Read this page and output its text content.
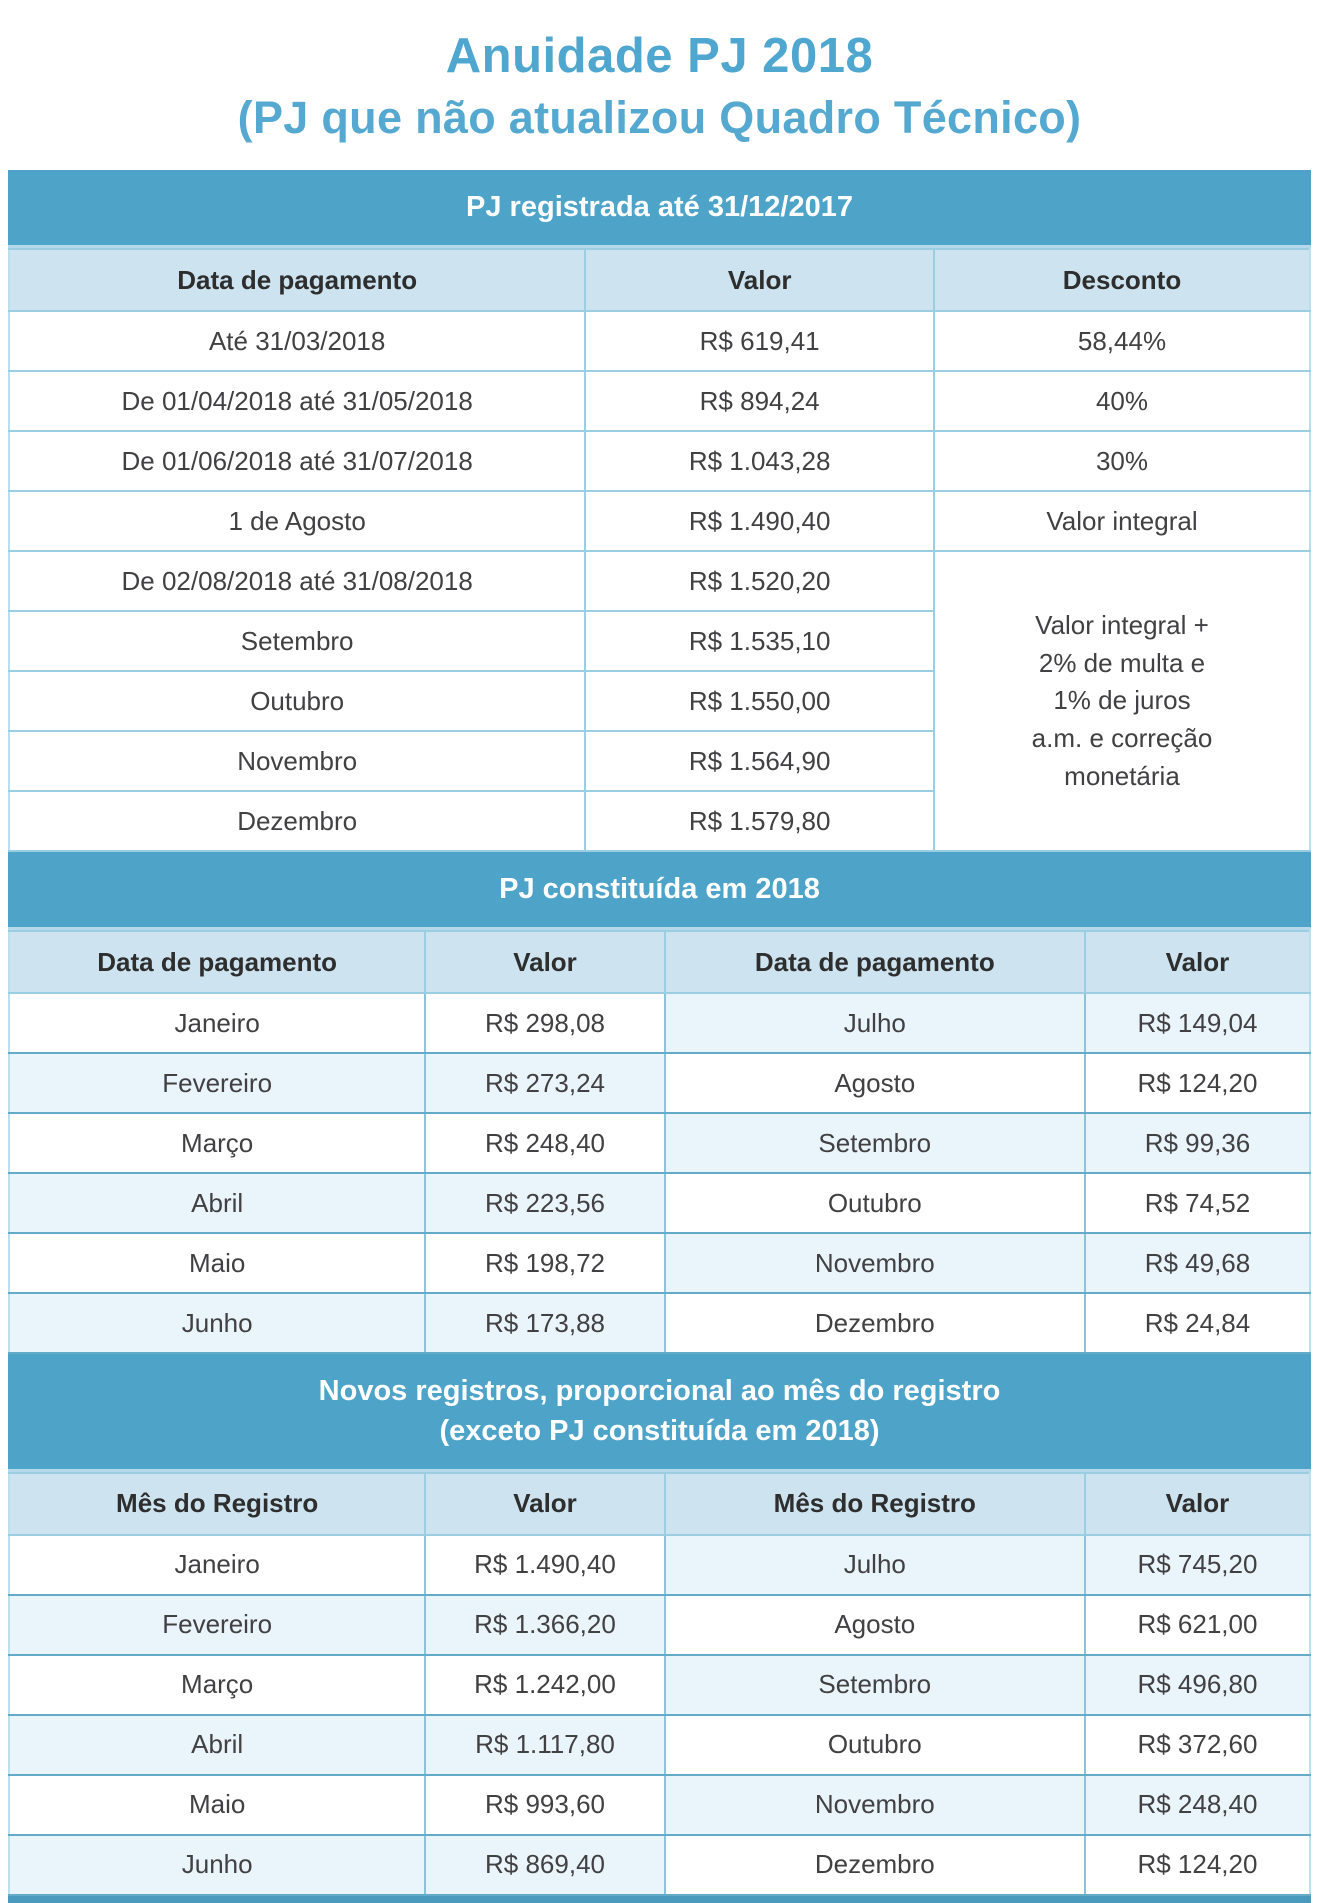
Anuidade PJ 2018
(PJ que não atualizou Quadro Técnico)
PJ registrada até 31/12/2017
Data de pagamento	Valor	Desconto
Até 31/03/2018	R$ 619,41	58,44%
De 01/04/2018 até 31/05/2018	R$ 894,24	40%
De 01/06/2018 até 31/07/2018	R$ 1.043,28	30%
1 de Agosto	R$ 1.490,40	Valor integral
De 02/08/2018 até 31/08/2018	R$ 1.520,20	Valor integral +
2% de multa e
1% de juros
a.m. e correção
monetária

Setembro	R$ 1.535,10	
Outubro	R$ 1.550,00	
Novembro	R$ 1.564,90	
Dezembro	R$ 1.579,80	
PJ constituída em 2018
Data de pagamento	Valor	Data de pagamento	Valor
Janeiro	R$ 298,08	Julho	R$ 149,04
Fevereiro	R$ 273,24	Agosto	R$ 124,20
Março	R$ 248,40	Setembro	R$ 99,36
Abril	R$ 223,56	Outubro	R$ 74,52
Maio	R$ 198,72	Novembro	R$ 49,68
Junho	R$ 173,88	Dezembro	R$ 24,84
Novos registros, proporcional ao mês do registro
(exceto PJ constituída em 2018)
Mês do Registro	Valor	Mês do Registro	Valor
Janeiro	R$ 1.490,40	Julho	R$ 745,20
Fevereiro	R$ 1.366,20	Agosto	R$ 621,00
Março	R$ 1.242,00	Setembro	R$ 496,80
Abril	R$ 1.117,80	Outubro	R$ 372,60
Maio	R$ 993,60	Novembro	R$ 248,40
Junho	R$ 869,40	Dezembro	R$ 124,20
